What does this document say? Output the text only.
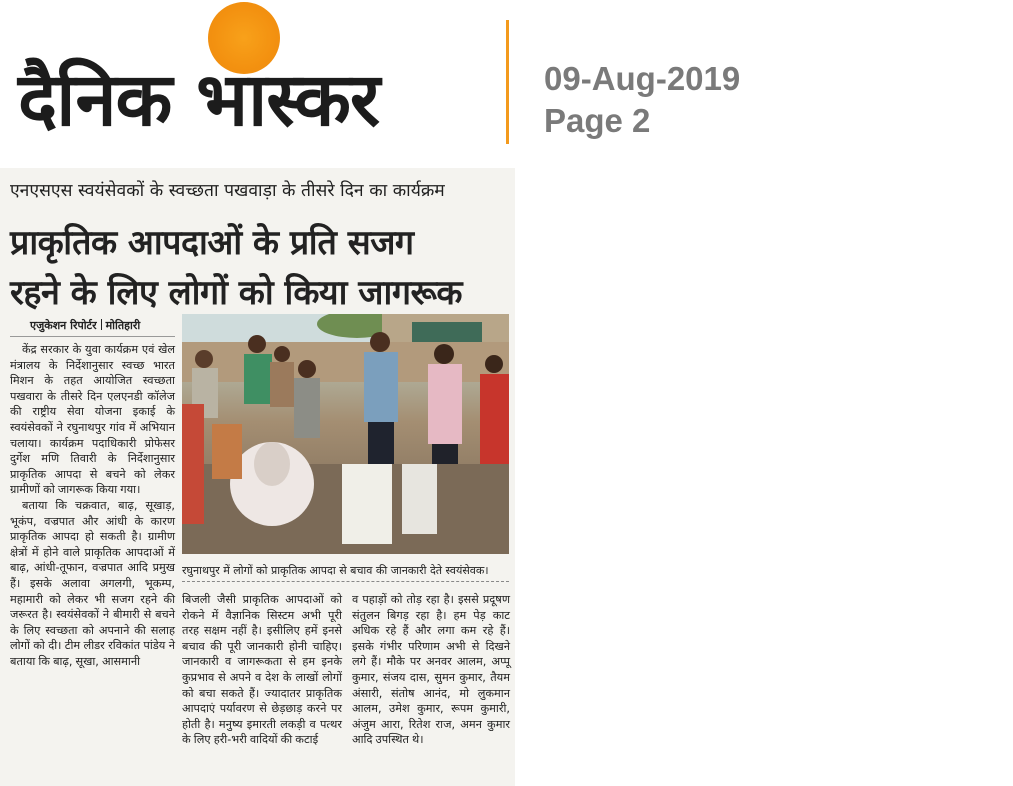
दैनिक भास्कर	09-Aug-2019
Page 2
एनएसएस स्वयंसेवकों के स्वच्छता पखवाड़ा के तीसरे दिन का कार्यक्रम
प्राकृतिक आपदाओं के प्रति सजग
रहने के लिए लोगों को किया जागरूक
एजुकेशन रिपोर्टर मोतिहारी

केंद्र सरकार के युवा कार्यक्रम एवं खेल मंत्रालय के निर्देशानुसार स्वच्छ भारत मिशन के तहत आयोजित स्वच्छता पखवारा के तीसरे दिन एलएनडी कॉलेज की राष्ट्रीय सेवा योजना इकाई के स्वयंसेवकों ने रघुनाथपुर गांव में अभियान चलाया। कार्यक्रम पदाधिकारी प्रोफेसर दुर्गेश मणि तिवारी के निर्देशानुसार प्राकृतिक आपदा से बचने को लेकर ग्रामीणों को जागरूक किया गया।

बताया कि चक्रवात, बाढ़, सूखाड़, भूकंप, वज्रपात और आंधी के कारण प्राकृतिक आपदा हो सकती है। ग्रामीण क्षेत्रों में होने वाले प्राकृतिक आपदाओं में बाढ़, आंधी-तूफान, वज्रपात आदि प्रमुख हैं। इसके अलावा अगलगी, भूकम्प, महामारी को लेकर भी सजग रहने की जरूरत है। स्वयंसेवकों ने बीमारी से बचने के लिए स्वच्छता को अपनाने की सलाह लोगों को दी। टीम लीडर रविकांत पांडेय ने बताया कि बाढ़, सूखा, आसमानी

रघुनाथपुर में लोगों को प्राकृतिक आपदा से बचाव की जानकारी देते स्वयंसेवक।
बिजली जैसी प्राकृतिक आपदाओं को रोकने में वैज्ञानिक सिस्टम अभी पूरी तरह सक्षम नहीं है। इसीलिए हमें इनसे बचाव की पूरी जानकारी होनी चाहिए। जानकारी व जागरूकता से हम इनके कुप्रभाव से अपने व देश के लाखों लोगों को बचा सकते हैं। ज्यादातर प्राकृतिक आपदाएं पर्यावरण से छेड़छाड़ करने पर होती है। मनुष्य इमारती लकड़ी व पत्थर के लिए हरी-भरी वादियों की कटाई
व पहाड़ों को तोड़ रहा है। इससे प्रदूषण संतुलन बिगड़ रहा है। हम पेड़ काट अधिक रहे हैं और लगा कम रहे हैं। इसके गंभीर परिणाम अभी से दिखने लगे हैं। मौके पर अनवर आलम, अप्पू कुमार, संजय दास, सुमन कुमार, तैयम अंसारी, संतोष आनंद, मो लुकमान आलम, उमेश कुमार, रूपम कुमारी, अंजुम आरा, रितेश राज, अमन कुमार आदि उपस्थित थे।
